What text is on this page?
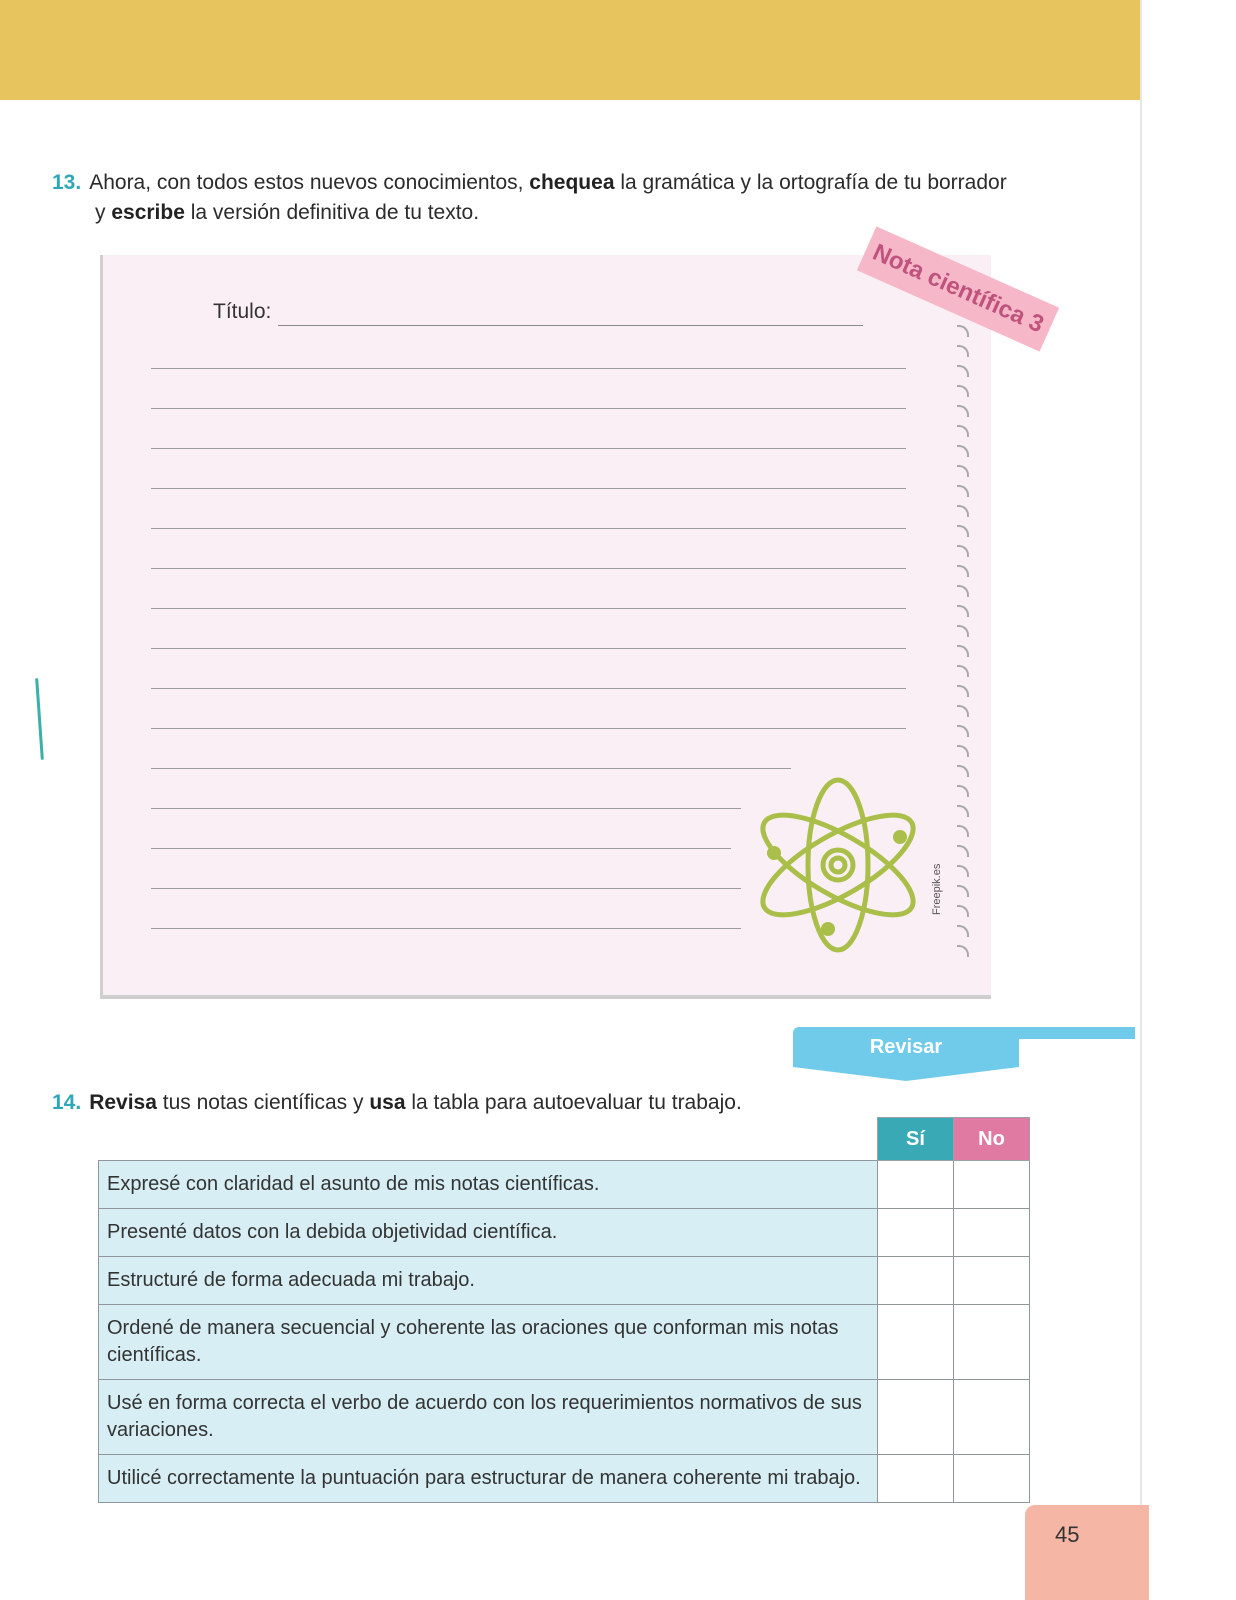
13. Ahora, con todos estos nuevos conocimientos, chequea la gramática y la ortografía de tu borrador
y escribe la versión definitiva de tu texto.
Título:
Freepik.es
Nota científica 3
Revisar
14. Revisa tus notas científicas y usa la tabla para autoevaluar tu trabajo.
	Sí	No
Expresé con claridad el asunto de mis notas científicas.		
Presenté datos con la debida objetividad científica.		
Estructuré de forma adecuada mi trabajo.		
Ordené de manera secuencial y coherente las oraciones que conforman mis notas científicas.		
Usé en forma correcta el verbo de acuerdo con los requerimientos normativos de sus variaciones.		
Utilicé correctamente la puntuación para estructurar de manera coherente mi trabajo.		
45
